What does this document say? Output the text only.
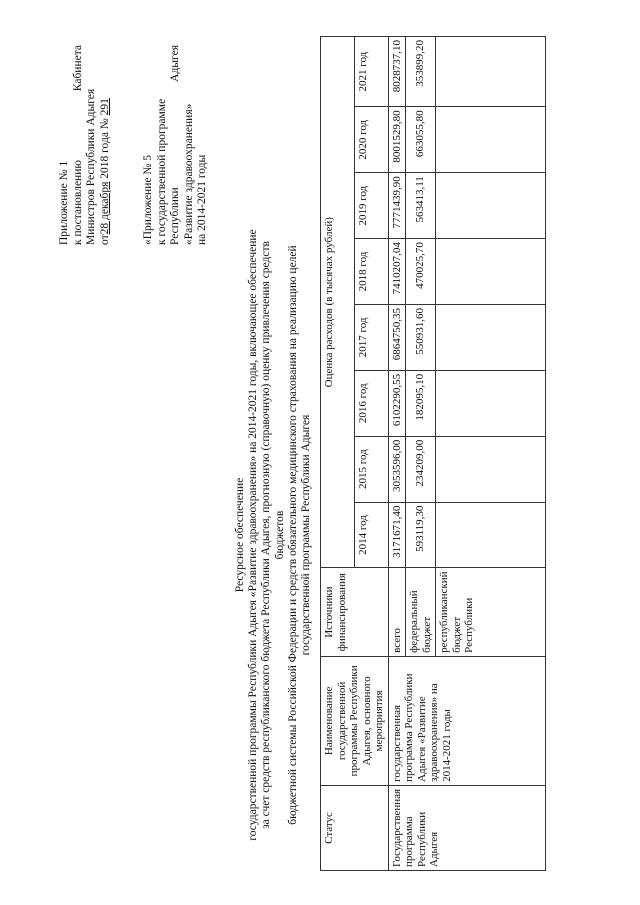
Приложение № 1 к постановлению
Кабинета
Министров Республики Адыгея от28 декабря 2018 года № 291
«Приложение № 5 к государственной программе Республики
Адыгея
«Развитие здравоохранения» на 2014-2021 годы
Ресурсное обеспечение государственной программы Республики Адыгея «Развитие здравоохранения» на 2014-2021 годы, включающее обеспечение за счет средств республиканского бюджета Республики Адыгея, прогнозную (справочную) оценку привлечения средств бюджетов бюджетной системы Российской Федерации и средств обязательного медицинского страхования на реализацию целей государственной программы Республики Адыгея
Статус	Наименование государственной программы Республики Адыгея, основного мероприятия	Источники финансирования	Оценка расходов (в тысячах рублей)							
			2014 год	2015 год	2016 год	2017 год	2018 год	2019 год	2020 год	2021 год
Государственная программа Республики Адыгея	государственная программа Республики Адыгея «Развитие здравоохранения» на 2014-2021 годы	всего	3171671,40	3053596,00	6102290,55	6864750,35	7410207,04	7771439,90	8001529,80	8028737,10
		федеральный бюджет	593119,30	234209,00	182095,10	550931,60	470025,70	563413,11	663055,80	353899,20
		республиканский бюджет Республики								
